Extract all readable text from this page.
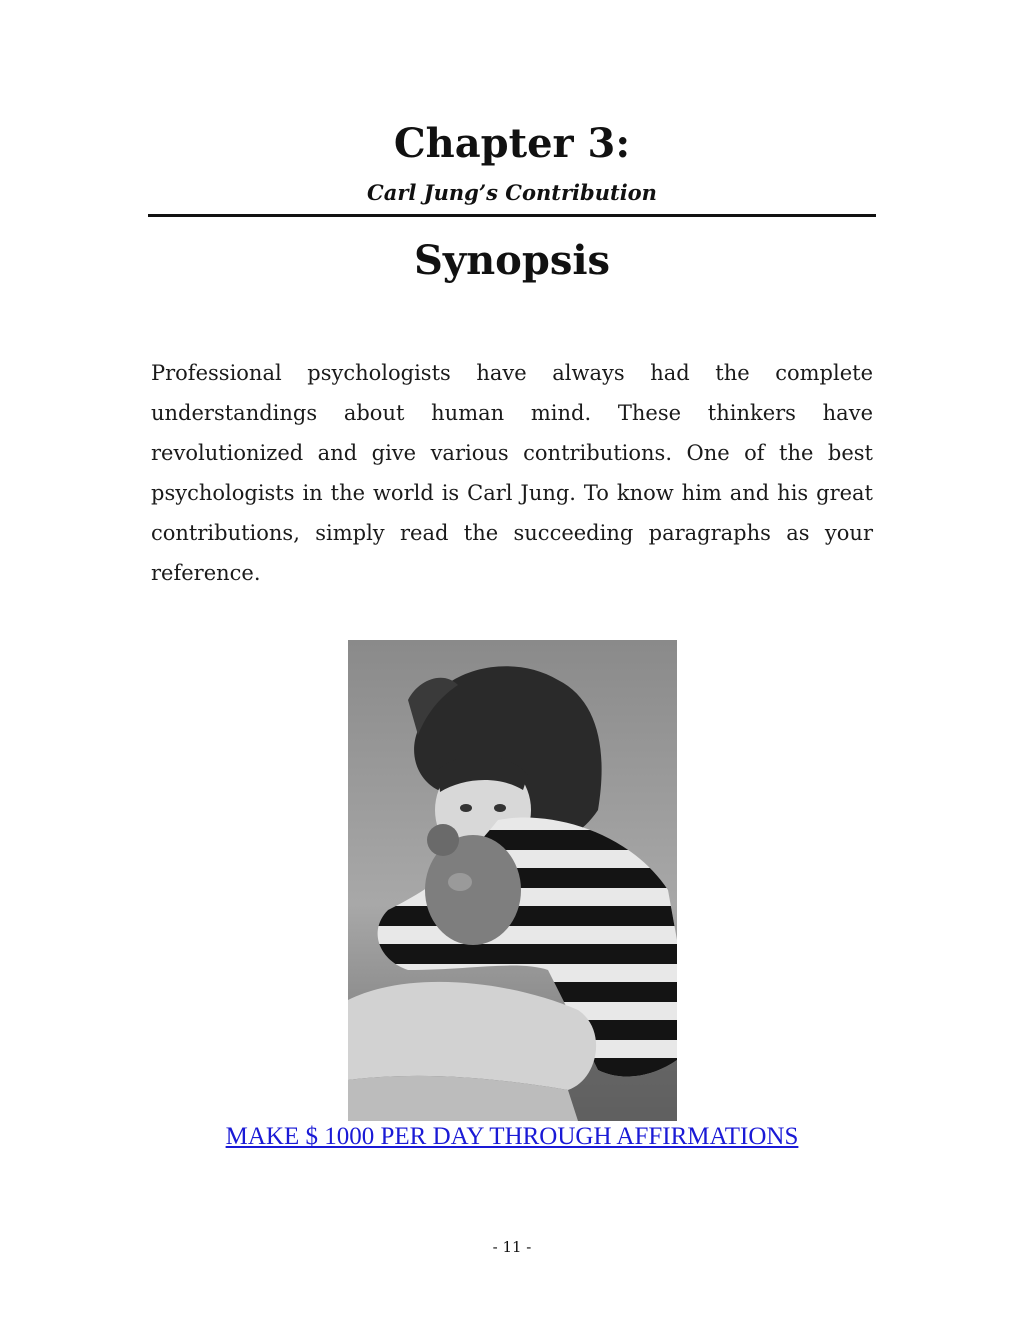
Chapter 3:
Carl Jung’s Contribution
Synopsis

Professional psychologists have always had the complete understandings about human mind. These thinkers have revolutionized and give various contributions. One of the best psychologists in the world is Carl Jung. To know him and his great contributions, simply read the succeeding paragraphs as your reference.

MAKE $ 1000 PER DAY THROUGH AFFIRMATIONS
- 11 -
